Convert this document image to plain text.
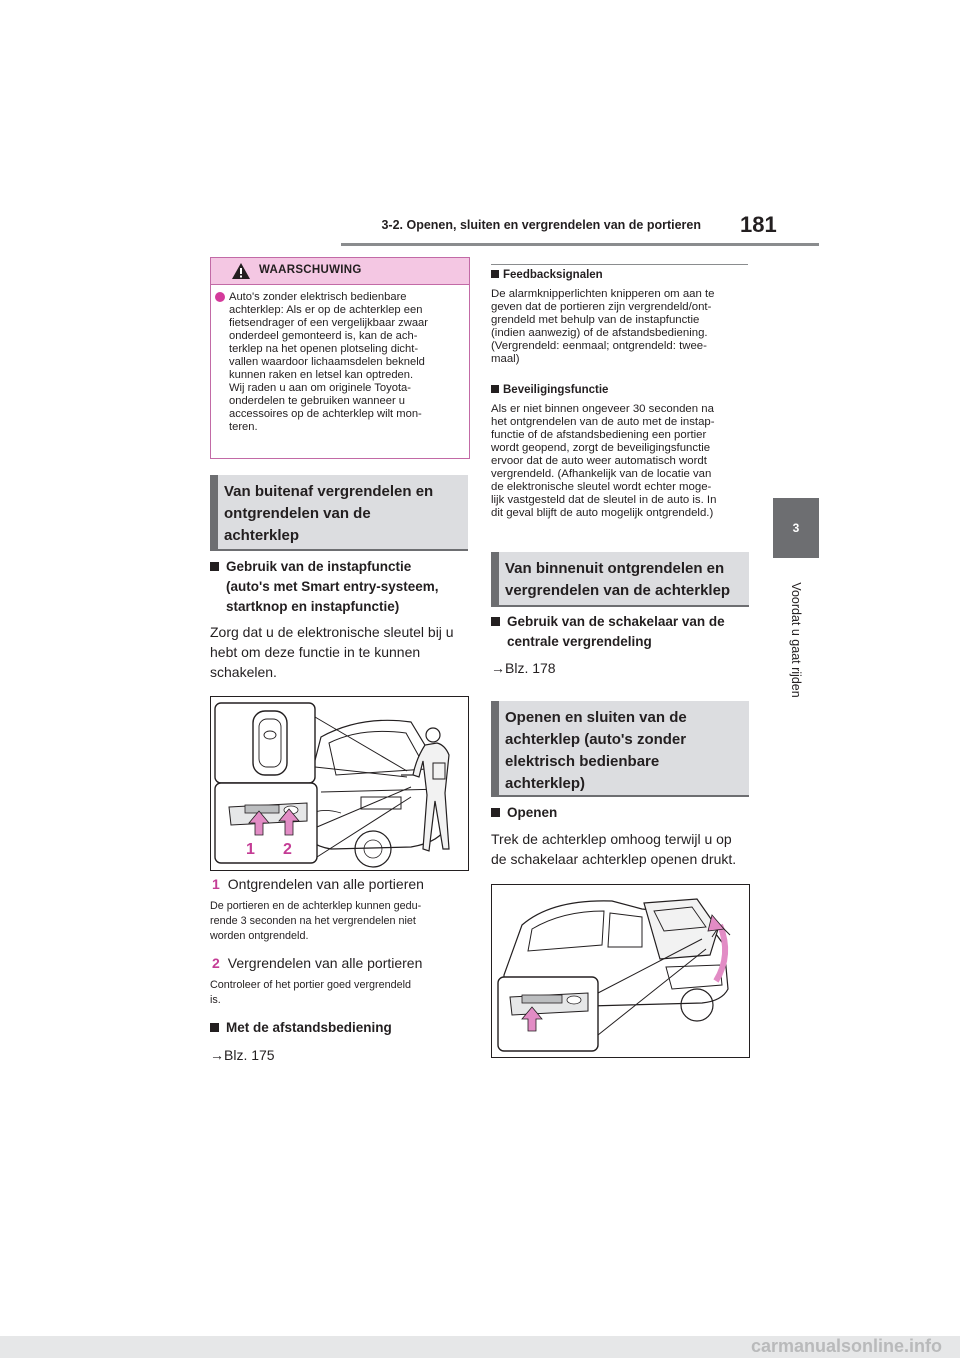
3-2. Openen, sluiten en vergrendelen van de portieren 181
3
Voordat u gaat rijden
WAARSCHUWING
Auto's zonder elektrisch bedienbare
achterklep: Als er op de achterklep een
fietsendrager of een vergelijkbaar zwaar
onderdeel gemonteerd is, kan de ach-
terklep na het openen plotseling dicht-
vallen waardoor lichaamsdelen bekneld
kunnen raken en letsel kan optreden.
Wij raden u aan om originele Toyota-
onderdelen te gebruiken wanneer u
accessoires op de achterklep wilt mon-
teren.
Van buitenaf vergrendelen en
ontgrendelen van de
achterklep
Gebruik van de instapfunctie
(auto's met Smart entry-systeem,
startknop en instapfunctie)
Zorg dat u de elektronische sleutel bij u
hebt om deze functie in te kunnen
schakelen.
1 2
1 Ontgrendelen van alle portieren
De portieren en de achterklep kunnen gedu-
rende 3 seconden na het vergrendelen niet
worden ontgrendeld.
2 Vergrendelen van alle portieren
Controleer of het portier goed vergrendeld
is.
Met de afstandsbediening
→Blz. 175
Feedbacksignalen
De alarmknipperlichten knipperen om aan te
geven dat de portieren zijn vergrendeld/ont-
grendeld met behulp van de instapfunctie
(indien aanwezig) of de afstandsbediening.
(Vergrendeld: eenmaal; ontgrendeld: twee-
maal)
Beveiligingsfunctie
Als er niet binnen ongeveer 30 seconden na
het ontgrendelen van de auto met de instap-
functie of de afstandsbediening een portier
wordt geopend, zorgt de beveiligingsfunctie
ervoor dat de auto weer automatisch wordt
vergrendeld. (Afhankelijk van de locatie van
de elektronische sleutel wordt echter moge-
lijk vastgesteld dat de sleutel in de auto is. In
dit geval blijft de auto mogelijk ontgrendeld.)
Van binnenuit ontgrendelen en
vergrendelen van de achterklep
Gebruik van de schakelaar van de
centrale vergrendeling
→Blz. 178
Openen en sluiten van de
achterklep (auto's zonder
elektrisch bedienbare
achterklep)
Openen
Trek de achterklep omhoog terwijl u op
de schakelaar achterklep openen drukt.
carmanualsonline.info
